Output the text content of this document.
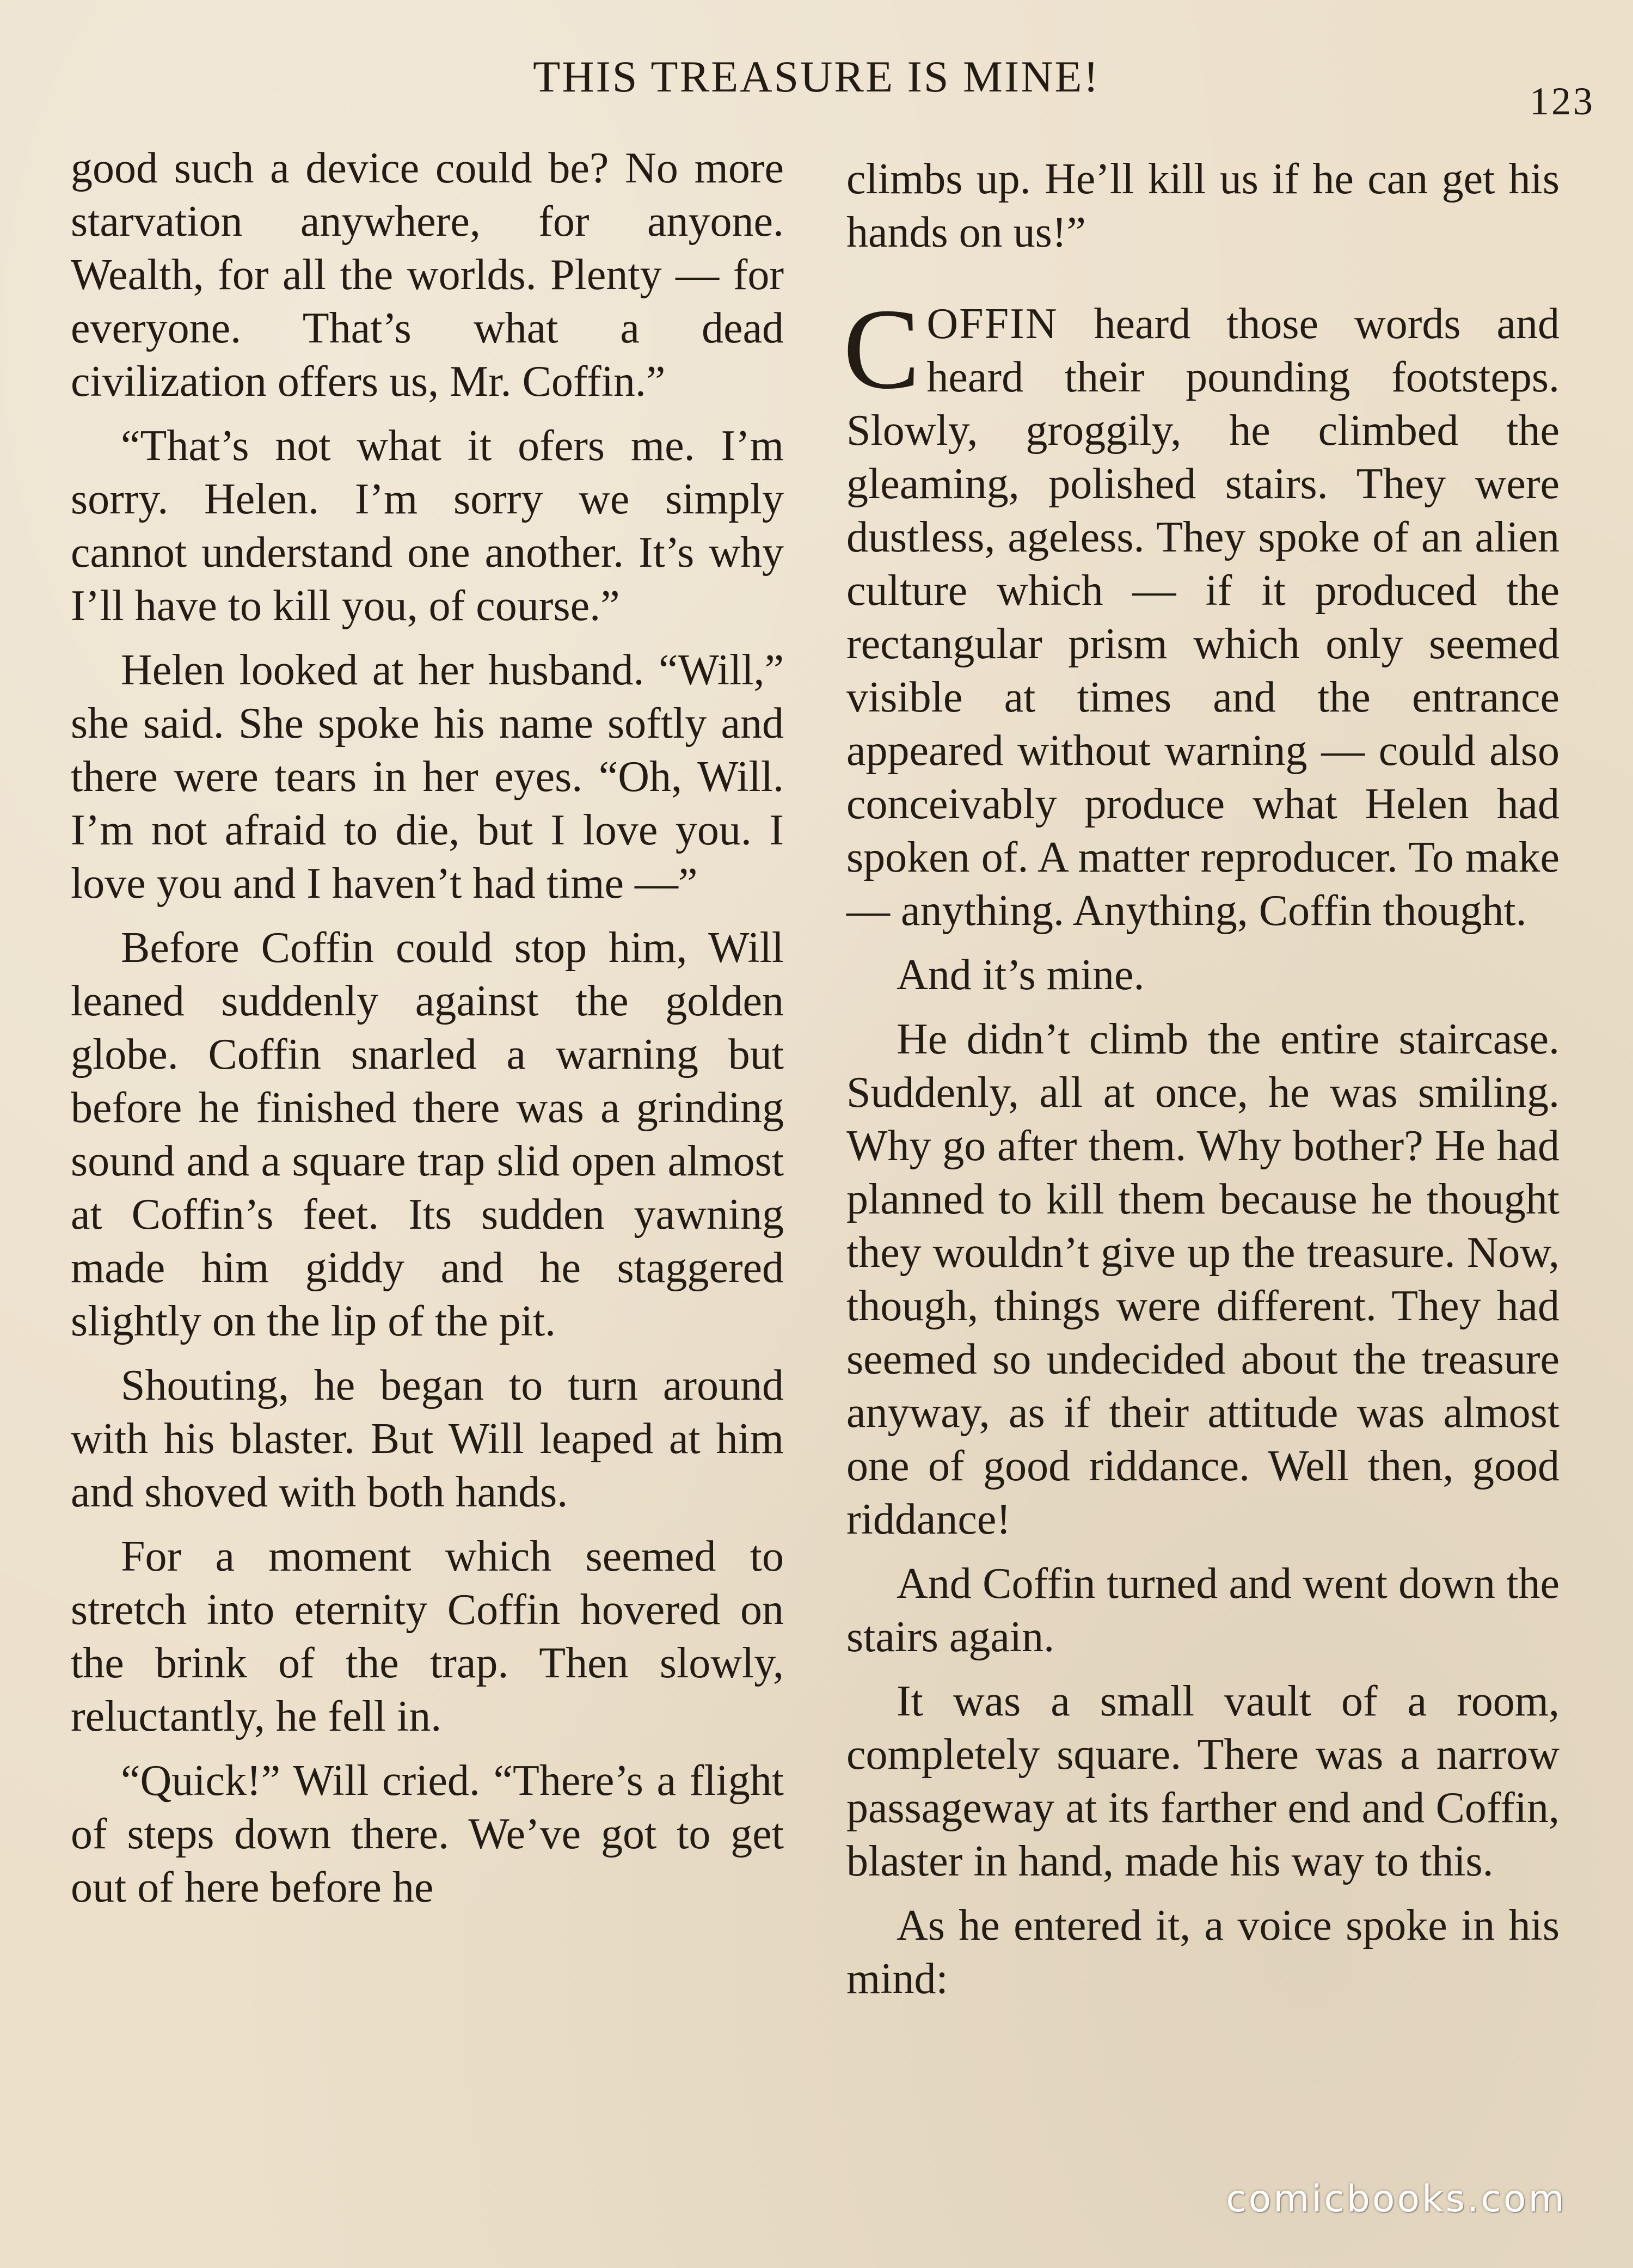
THIS TREASURE IS MINE!	123

good such a device could be? No more starvation anywhere, for anyone. Wealth, for all the worlds. Plenty — for everyone. That’s what a dead civilization offers us, Mr. Coffin.”

“That’s not what it ofers me. I’m sorry. Helen. I’m sorry we simply cannot understand one another. It’s why I’ll have to kill you, of course.”

Helen looked at her husband. “Will,” she said. She spoke his name softly and there were tears in her eyes. “Oh, Will. I’m not afraid to die, but I love you. I love you and I haven’t had time —”

Before Coffin could stop him, Will leaned suddenly against the golden globe. Coffin snarled a warning but before he finished there was a grinding sound and a square trap slid open almost at Coffin’s feet. Its sudden yawning made him giddy and he staggered slightly on the lip of the pit.

Shouting, he began to turn around with his blaster. But Will leaped at him and shoved with both hands.

For a moment which seemed to stretch into eternity Coffin hovered on the brink of the trap. Then slowly, reluctantly, he fell in.

“Quick!” Will cried. “There’s a flight of steps down there. We’ve got to get out of here before he

climbs up. He’ll kill us if he can get his hands on us!”

COFFIN heard those words and heard their pounding footsteps. Slowly, groggily, he climbed the gleaming, polished stairs. They were dustless, ageless. They spoke of an alien culture which — if it produced the rectangular prism which only seemed visible at times and the entrance appeared without warning — could also conceivably produce what Helen had spoken of. A matter reproducer. To make — anything. Anything, Coffin thought.

And it’s mine.

He didn’t climb the entire staircase. Suddenly, all at once, he was smiling. Why go after them. Why bother? He had planned to kill them because he thought they wouldn’t give up the treasure. Now, though, things were different. They had seemed so undecided about the treasure anyway, as if their attitude was almost one of good riddance. Well then, good riddance!

And Coffin turned and went down the stairs again.

It was a small vault of a room, completely square. There was a narrow passageway at its farther end and Coffin, blaster in hand, made his way to this.

As he entered it, a voice spoke in his mind:

comicbooks.com
